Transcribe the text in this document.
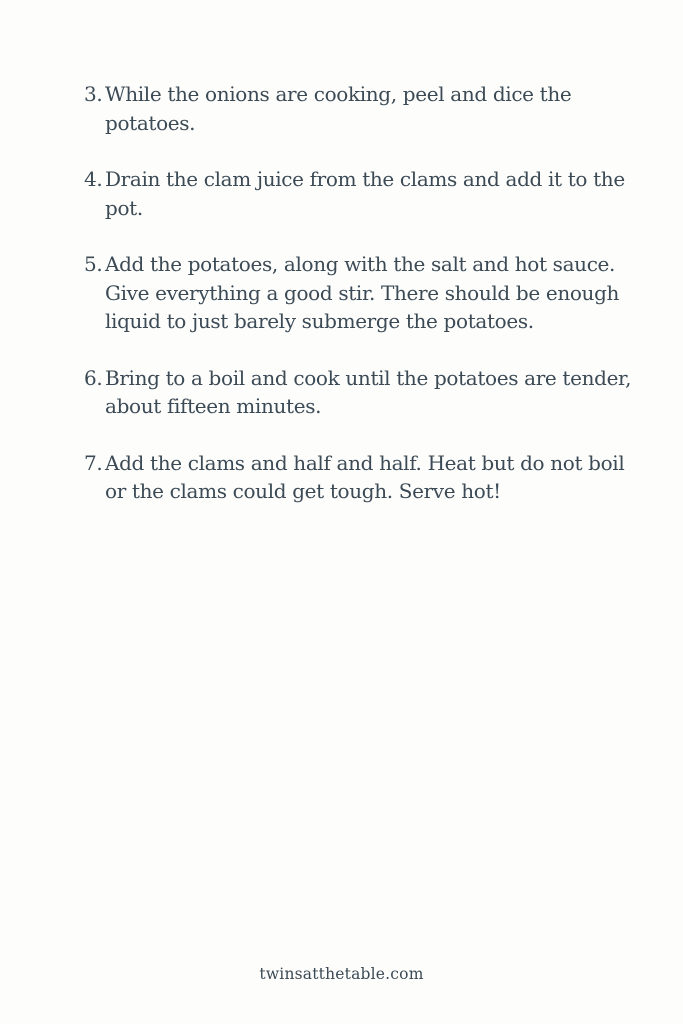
3. While the onions are cooking, peel and dice the potatoes.
4. Drain the clam juice from the clams and add it to the pot.
5. Add the potatoes, along with the salt and hot sauce. Give everything a good stir. There should be enough liquid to just barely submerge the potatoes.
6. Bring to a boil and cook until the potatoes are tender, about fifteen minutes.
7. Add the clams and half and half. Heat but do not boil or the clams could get tough. Serve hot!
twinsatthetable.com
